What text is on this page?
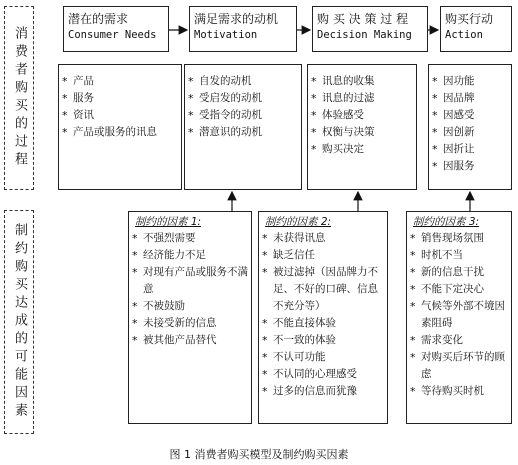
消费者购买的过程
制约购买达成的可能因素
潜在的需求
Consumer Needs
满足需求的动机
Motivation
购 买 决 策 过 程
Decision Making
购买行动
Action
* 产品
* 服务
* 资讯
* 产品或服务的讯息
* 自发的动机
* 受启发的动机
* 受指令的动机
* 潜意识的动机
* 讯息的收集
* 讯息的过滤
* 体验感受
* 权衡与决策
* 购买决定
* 因功能
* 因品牌
* 因感受
* 因创新
* 因折让
* 因服务
制约的因素 1:
* 不强烈需要
* 经济能力不足
* 对现有产品或服务不满意
* 不被鼓励
* 未接受新的信息
* 被其他产品替代
制约的因素 2:
* 未获得讯息
* 缺乏信任
* 被过滤掉（因品牌力不足、不好的口碑、信息不充分等）
* 不能直接体验
* 不一致的体验
* 不认可功能
* 不认同的心理感受
* 过多的信息而犹豫
制约的因素 3:
* 销售现场氛围
* 时机不当
* 新的信息干扰
* 不能下定决心
* 气候等外部不境因素阻碍
* 需求变化
* 对购买后环节的顾虑
* 等待购买时机
图 1 消费者购买模型及制约购买因素
